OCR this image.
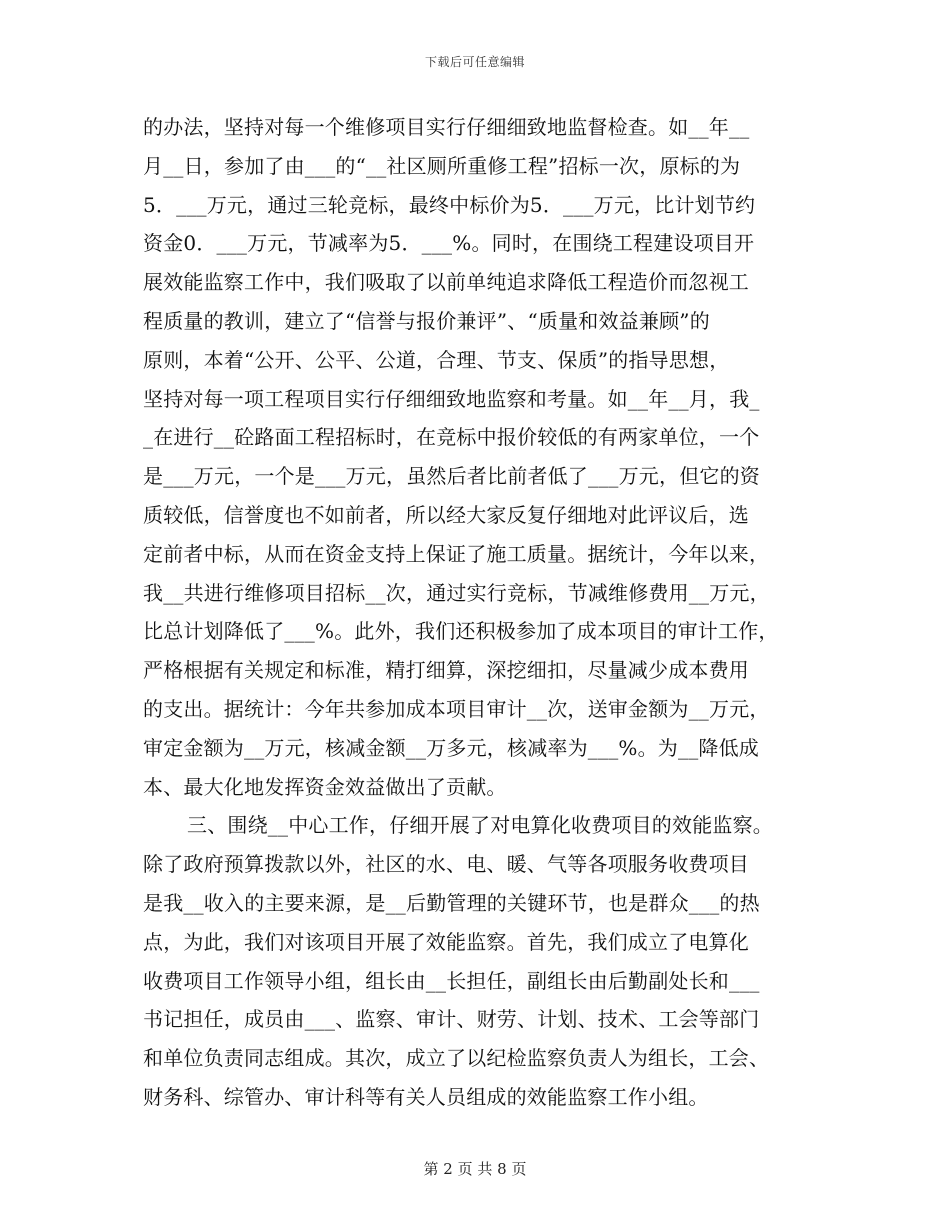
下载后可任意编辑
的办法，坚持对每一个维修项目实行仔细细致地监督检查。如__年__
月__日，参加了由___的“__社区厕所重修工程”招标一次，原标的为
5．___万元，通过三轮竞标，最终中标价为5．___万元，比计划节约
资金0．___万元，节减率为5．___%。同时，在围绕工程建设项目开
展效能监察工作中，我们吸取了以前单纯追求降低工程造价而忽视工
程质量的教训，建立了“信誉与报价兼评”、“质量和效益兼顾”的
原则，本着“公开、公平、公道，合理、节支、保质”的指导思想，
坚持对每一项工程项目实行仔细细致地监察和考量。如__年__月，我_
_在进行__砼路面工程招标时，在竞标中报价较低的有两家单位，一个
是___万元，一个是___万元，虽然后者比前者低了___万元，但它的资
质较低，信誉度也不如前者，所以经大家反复仔细地对此评议后，选
定前者中标，从而在资金支持上保证了施工质量。据统计，今年以来，
我__共进行维修项目招标__次，通过实行竞标，节减维修费用__万元，
比总计划降低了___%。此外，我们还积极参加了成本项目的审计工作，
严格根据有关规定和标准，精打细算，深挖细扣，尽量减少成本费用
的支出。据统计：今年共参加成本项目审计__次，送审金额为__万元，
审定金额为__万元，核减金额__万多元，核减率为___%。为__降低成
本、最大化地发挥资金效益做出了贡献。
三、围绕__中心工作，仔细开展了对电算化收费项目的效能监察。
除了政府预算拨款以外，社区的水、电、暖、气等各项服务收费项目
是我__收入的主要来源，是__后勤管理的关键环节，也是群众___的热
点，为此，我们对该项目开展了效能监察。首先，我们成立了电算化
收费项目工作领导小组，组长由__长担任，副组长由后勤副处长和___
书记担任，成员由___、监察、审计、财劳、计划、技术、工会等部门
和单位负责同志组成。其次，成立了以纪检监察负责人为组长，工会、
财务科、综管办、审计科等有关人员组成的效能监察工作小组。
第 2 页 共 8 页
